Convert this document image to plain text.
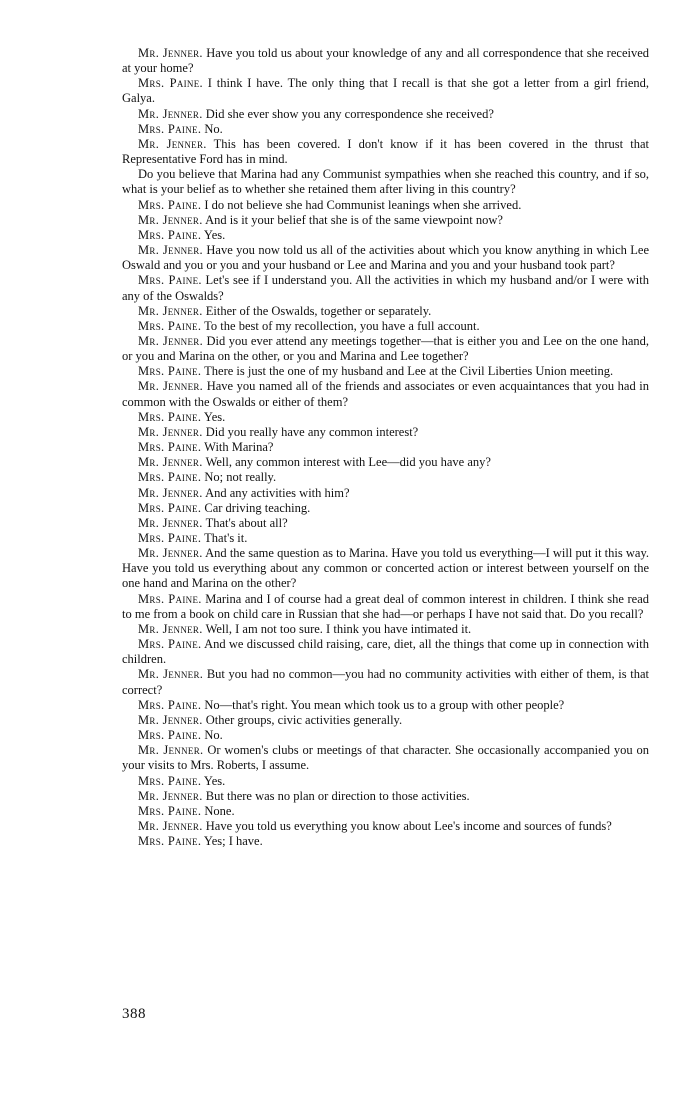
Mr. Jenner. Have you told us about your knowledge of any and all correspondence that she received at your home?

Mrs. Paine. I think I have. The only thing that I recall is that she got a letter from a girl friend, Galya.

Mr. Jenner. Did she ever show you any correspondence she received?

Mrs. Paine. No.

Mr. Jenner. This has been covered. I don't know if it has been covered in the thrust that Representative Ford has in mind.

Do you believe that Marina had any Communist sympathies when she reached this country, and if so, what is your belief as to whether she retained them after living in this country?

Mrs. Paine. I do not believe she had Communist leanings when she arrived.

Mr. Jenner. And is it your belief that she is of the same viewpoint now?

Mrs. Paine. Yes.

Mr. Jenner. Have you now told us all of the activities about which you know anything in which Lee Oswald and you or you and your husband or Lee and Marina and you and your husband took part?

Mrs. Paine. Let's see if I understand you. All the activities in which my husband and/or I were with any of the Oswalds?

Mr. Jenner. Either of the Oswalds, together or separately.

Mrs. Paine. To the best of my recollection, you have a full account.

Mr. Jenner. Did you ever attend any meetings together—that is either you and Lee on the one hand, or you and Marina on the other, or you and Marina and Lee together?

Mrs. Paine. There is just the one of my husband and Lee at the Civil Liberties Union meeting.

Mr. Jenner. Have you named all of the friends and associates or even acquaintances that you had in common with the Oswalds or either of them?

Mrs. Paine. Yes.

Mr. Jenner. Did you really have any common interest?

Mrs. Paine. With Marina?

Mr. Jenner. Well, any common interest with Lee—did you have any?

Mrs. Paine. No; not really.

Mr. Jenner. And any activities with him?

Mrs. Paine. Car driving teaching.

Mr. Jenner. That's about all?

Mrs. Paine. That's it.

Mr. Jenner. And the same question as to Marina. Have you told us everything—I will put it this way. Have you told us everything about any common or concerted action or interest between yourself on the one hand and Marina on the other?

Mrs. Paine. Marina and I of course had a great deal of common interest in children. I think she read to me from a book on child care in Russian that she had—or perhaps I have not said that. Do you recall?

Mr. Jenner. Well, I am not too sure. I think you have intimated it.

Mrs. Paine. And we discussed child raising, care, diet, all the things that come up in connection with children.

Mr. Jenner. But you had no common—you had no community activities with either of them, is that correct?

Mrs. Paine. No—that's right. You mean which took us to a group with other people?

Mr. Jenner. Other groups, civic activities generally.

Mrs. Paine. No.

Mr. Jenner. Or women's clubs or meetings of that character. She occasionally accompanied you on your visits to Mrs. Roberts, I assume.

Mrs. Paine. Yes.

Mr. Jenner. But there was no plan or direction to those activities.

Mrs. Paine. None.

Mr. Jenner. Have you told us everything you know about Lee's income and sources of funds?

Mrs. Paine. Yes; I have.

388
